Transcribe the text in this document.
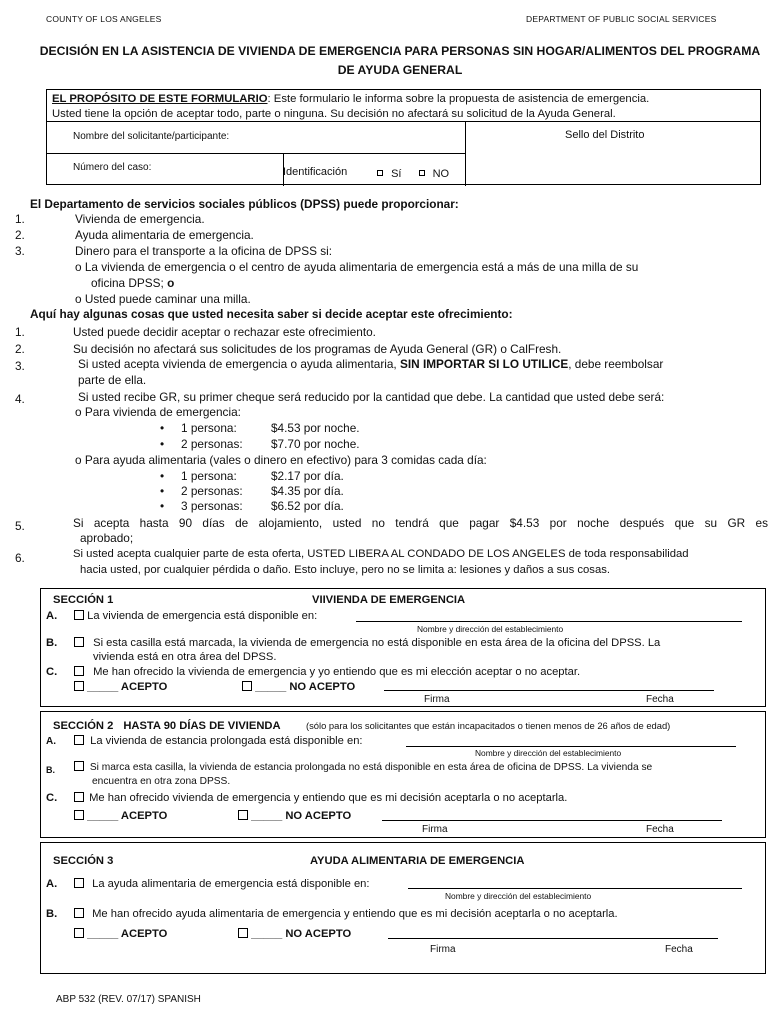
COUNTY OF LOS ANGELES	DEPARTMENT OF PUBLIC SOCIAL SERVICES
DECISIÓN EN LA ASISTENCIA DE VIVIENDA DE EMERGENCIA PARA PERSONAS SIN HOGAR/ALIMENTOS DEL PROGRAMA
DE AYUDA GENERAL
EL PROPÓSITO DE ESTE FORMULARIO: Este formulario le informa sobre la propuesta de asistencia de emergencia.
Usted tiene la opción de aceptar todo, parte o ninguna. Su decisión no afectará su solicitud de la Ayuda General.
Nombre del solicitante/participante:
Número del caso:	Identificación	Sí	NO
Sello del Distrito
El Departamento de servicios sociales públicos (DPSS) puede proporcionar:
1.	Vivienda de emergencia.
2.	Ayuda alimentaria de emergencia.
3.	Dinero para el transporte a la oficina de DPSS si:
o La vivienda de emergencia o el centro de ayuda alimentaria de emergencia está a más de una milla de su
oficina DPSS; o
o Usted puede caminar una milla.
Aquí hay algunas cosas que usted necesita saber si decide aceptar este ofrecimiento:
1.	Usted puede decidir aceptar o rechazar este ofrecimiento.
2.	Su decisión no afectará sus solicitudes de los programas de Ayuda General (GR) o CalFresh.
3.	Si usted acepta vivienda de emergencia o ayuda alimentaria, SIN IMPORTAR SI LO UTILICE, debe reembolsar
parte de ella.
4.	Si usted recibe GR, su primer cheque será reducido por la cantidad que debe. La cantidad que usted debe será:
o Para vivienda de emergencia:
• 1 persona:	$4.53 por noche.
• 2 personas: $7.70 por noche.
o Para ayuda alimentaria (vales o dinero en efectivo) para 3 comidas cada día:
• 1 persona:	$2.17 por día.
• 2 personas: $4.35 por día.
• 3 personas: $6.52 por día.
5.	Si acepta hasta 90 días de alojamiento, usted no tendrá que pagar $4.53 por noche después que su GR es
aprobado;
6.	Si usted acepta cualquier parte de esta oferta, USTED LIBERA AL CONDADO DE LOS ANGELES de toda responsabilidad
hacia usted, por cualquier pérdida o daño. Esto incluye, pero no se limita a: lesiones y daños a sus cosas.
SECCIÓN 1	VIIVIENDA DE EMERGENCIA
A.	La vivienda de emergencia está disponible en:
Nombre y dirección del establecimiento
B.	Si esta casilla está marcada, la vivienda de emergencia no está disponible en esta área de la oficina del DPSS. La
vivienda está en otra área del DPSS.
C.	Me han ofrecido la vivienda de emergencia y yo entiendo que es mi elección aceptar o no aceptar.
_____ ACEPTO	_____ NO ACEPTO
Firma	Fecha
SECCIÓN 2 HASTA 90 DÍAS DE VIVIENDA	(sólo para los solicitantes que están incapacitados o tienen menos de 26 años de edad)
A.	La vivienda de estancia prolongada está disponible en:
Nombre y dirección del establecimiento
B.	Si marca esta casilla, la vivienda de estancia prolongada no está disponible en esta área de oficina de DPSS. La vivienda se
encuentra en otra zona DPSS.
C.	Me han ofrecido vivienda de emergencia y entiendo que es mi decisión aceptarla o no aceptarla.
_____ ACEPTO	_____ NO ACEPTO
Firma	Fecha
SECCIÓN 3	AYUDA ALIMENTARIA DE EMERGENCIA
A.	La ayuda alimentaria de emergencia está disponible en:
Nombre y dirección del establecimiento
B.	Me han ofrecido ayuda alimentaria de emergencia y entiendo que es mi decisión aceptarla o no aceptarla.
_____ ACEPTO	_____ NO ACEPTO
Firma	Fecha
ABP 532 (REV. 07/17) SPANISH
